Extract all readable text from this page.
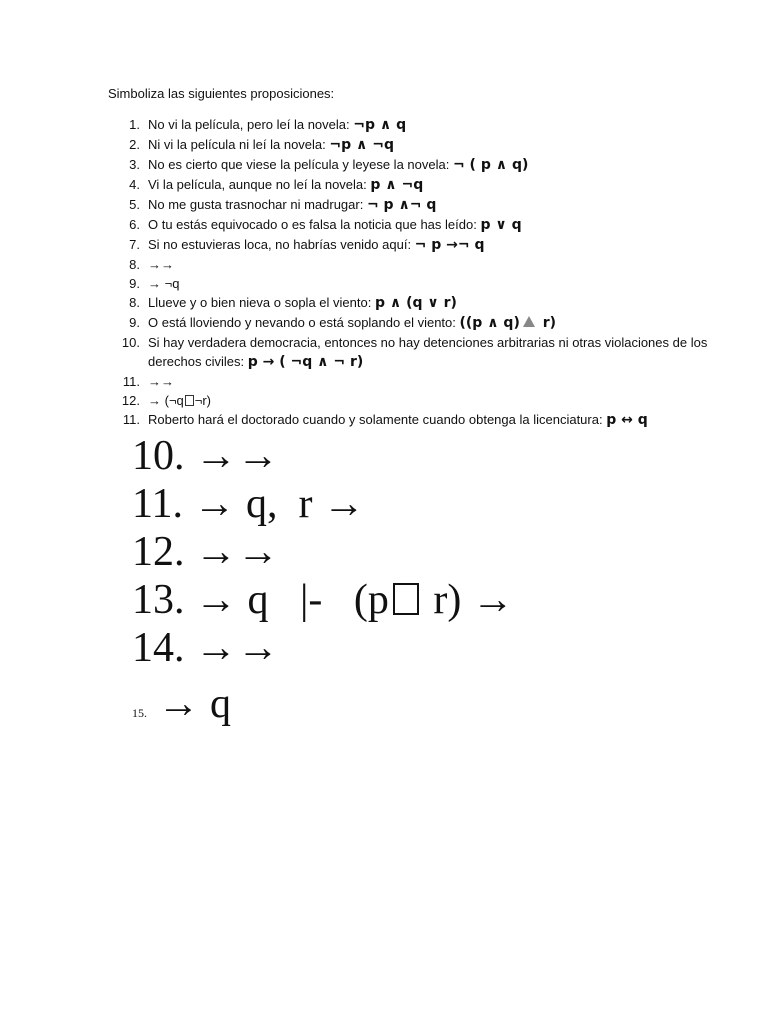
Simboliza las siguientes proposiciones:
1. No vi la película, pero leí la novela: ¬p ∧ q
2. Ni vi la película ni leí la novela: ¬p ∧ ¬q
3. No es cierto que viese la película y leyese la novela: ¬ ( p ∧ q)
4. Vi la película, aunque no leí la novela: p ∧ ¬q
5. No me gusta trasnochar ni madrugar: ¬ p ∧¬ q
6. O tu estás equivocado o es falsa la noticia que has leído: p ∨ q
7. Si no estuvieras loca, no habrías venido aquí: ¬ p →¬ q
8. →→
9. → ¬q
8. Llueve y o bien nieva o sopla el viento: p ∧ (q ∨ r)
9. O está lloviendo y nevando o está soplando el viento: ((p ∧ q) r)
10. Si hay verdadera democracia, entonces no hay detenciones arbitrarias ni otras violaciones de los derechos civiles: p → ( ¬q ∧ ¬ r)
11. →→
12. → (¬q ¬r)
11. Roberto hará el doctorado cuando y solamente cuando obtenga la licenciatura: p ↔ q
10. →→
11. → q,  r →
12. →→
13. → q   |-   (p r) →
14. →→
15. → q
